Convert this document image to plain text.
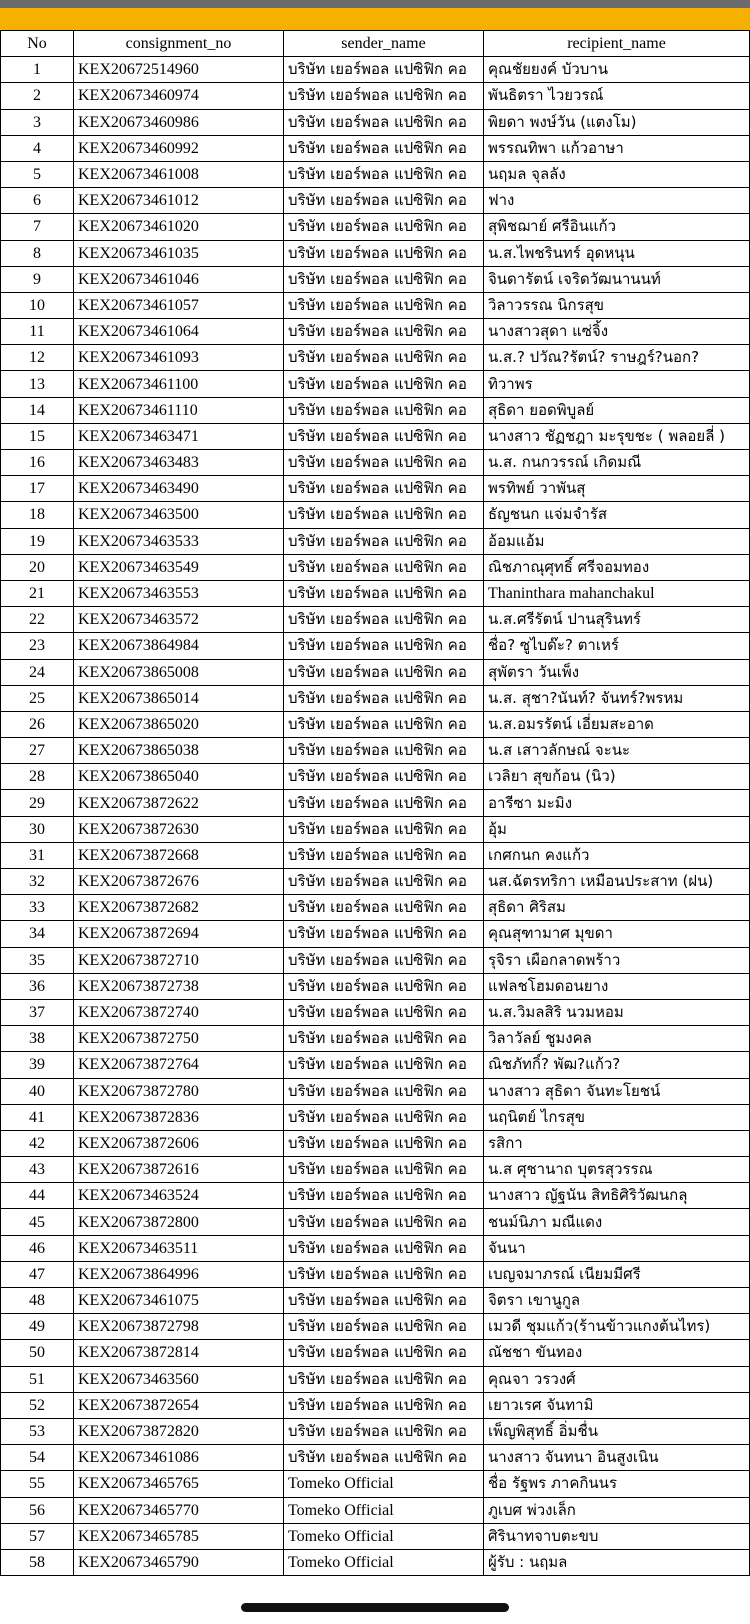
No	consignment_no	sender_name	recipient_name
1	KEX20672514960	บริษัท เยอร์พอล แปซิฟิก คอ	คุณชัยยงค์ บัวบาน
2	KEX20673460974	บริษัท เยอร์พอล แปซิฟิก คอ	พันธิตรา ไวยวรณ์
3	KEX20673460986	บริษัท เยอร์พอล แปซิฟิก คอ	พิยดา พงษ์วัน (แตงโม)
4	KEX20673460992	บริษัท เยอร์พอล แปซิฟิก คอ	พรรณทิพา แก้วอาษา
5	KEX20673461008	บริษัท เยอร์พอล แปซิฟิก คอ	นฤมล จุลลัง
6	KEX20673461012	บริษัท เยอร์พอล แปซิฟิก คอ	ฟาง
7	KEX20673461020	บริษัท เยอร์พอล แปซิฟิก คอ	สุพิชฌาย์ ศรีอินแก้ว
8	KEX20673461035	บริษัท เยอร์พอล แปซิฟิก คอ	น.ส.ไพชรินทร์ อุดหนุน
9	KEX20673461046	บริษัท เยอร์พอล แปซิฟิก คอ	จินดารัตน์ เจริดวัฒนานนท์
10	KEX20673461057	บริษัท เยอร์พอล แปซิฟิก คอ	วิลาวรรณ นิกรสุข
11	KEX20673461064	บริษัท เยอร์พอล แปซิฟิก คอ	นางสาวสุดา แซ่จิ้ง
12	KEX20673461093	บริษัท เยอร์พอล แปซิฟิก คอ	น.ส.? ปวัณ?รัตน์? ราษฎร์?นอก?
13	KEX20673461100	บริษัท เยอร์พอล แปซิฟิก คอ	ทิวาพร
14	KEX20673461110	บริษัท เยอร์พอล แปซิฟิก คอ	สุธิดา ยอดพิบูลย์
15	KEX20673463471	บริษัท เยอร์พอล แปซิฟิก คอ	นางสาว ชัฏชฎา มะรุขชะ ( พลอยลี่ )
16	KEX20673463483	บริษัท เยอร์พอล แปซิฟิก คอ	น.ส. กนกวรรณ์ เกิดมณี
17	KEX20673463490	บริษัท เยอร์พอล แปซิฟิก คอ	พรทิพย์ วาพันสุ
18	KEX20673463500	บริษัท เยอร์พอล แปซิฟิก คอ	ธัญชนก แจ่มจำรัส
19	KEX20673463533	บริษัท เยอร์พอล แปซิฟิก คอ	อ้อมแอ้ม
20	KEX20673463549	บริษัท เยอร์พอล แปซิฟิก คอ	ณิชภาณุศุทธิ์ ศรีจอมทอง
21	KEX20673463553	บริษัท เยอร์พอล แปซิฟิก คอ	Thaninthara mahanchakul
22	KEX20673463572	บริษัท เยอร์พอล แปซิฟิก คอ	น.ส.ศรีรัตน์ ปานสุรินทร์
23	KEX20673864984	บริษัท เยอร์พอล แปซิฟิก คอ	ชื่อ? ซูไบด๊ะ? ตาเหร์
24	KEX20673865008	บริษัท เยอร์พอล แปซิฟิก คอ	สุพัตรา วันเพ็ง
25	KEX20673865014	บริษัท เยอร์พอล แปซิฟิก คอ	น.ส. สุชา?นันท์? จันทร์?พรหม
26	KEX20673865020	บริษัท เยอร์พอล แปซิฟิก คอ	น.ส.อมรรัตน์ เอี่ยมสะอาด
27	KEX20673865038	บริษัท เยอร์พอล แปซิฟิก คอ	น.ส เสาวลักษณ์ จะนะ
28	KEX20673865040	บริษัท เยอร์พอล แปซิฟิก คอ	เวลิยา สุขก้อน (นิว)
29	KEX20673872622	บริษัท เยอร์พอล แปซิฟิก คอ	อารีซา มะมิง
30	KEX20673872630	บริษัท เยอร์พอล แปซิฟิก คอ	อุ้ม
31	KEX20673872668	บริษัท เยอร์พอล แปซิฟิก คอ	เกศกนก คงแก้ว
32	KEX20673872676	บริษัท เยอร์พอล แปซิฟิก คอ	นส.ฉัตรทริกา เหมือนประสาท (ฝน)
33	KEX20673872682	บริษัท เยอร์พอล แปซิฟิก คอ	สุธิดา ศิริสม
34	KEX20673872694	บริษัท เยอร์พอล แปซิฟิก คอ	คุณสุฑามาศ มุขดา
35	KEX20673872710	บริษัท เยอร์พอล แปซิฟิก คอ	รุจิรา เผือกลาดพร้าว
36	KEX20673872738	บริษัท เยอร์พอล แปซิฟิก คอ	แฟลชโฮมดอนยาง
37	KEX20673872740	บริษัท เยอร์พอล แปซิฟิก คอ	น.ส.วิมลสิริ นวมหอม
38	KEX20673872750	บริษัท เยอร์พอล แปซิฟิก คอ	วิลาวัลย์ ชูมงคล
39	KEX20673872764	บริษัท เยอร์พอล แปซิฟิก คอ	ณิชภัทกิ์? พัฒ?แก้ว?
40	KEX20673872780	บริษัท เยอร์พอล แปซิฟิก คอ	นางสาว สุธิดา จันทะโยชน์
41	KEX20673872836	บริษัท เยอร์พอล แปซิฟิก คอ	นฤนิตย์ ไกรสุข
42	KEX20673872606	บริษัท เยอร์พอล แปซิฟิก คอ	รสิกา
43	KEX20673872616	บริษัท เยอร์พอล แปซิฟิก คอ	น.ส ศุชานาถ บุตรสุวรรณ
44	KEX20673463524	บริษัท เยอร์พอล แปซิฟิก คอ	นางสาว ญัฐนัน สิทธิศิริวัฒนกลุ
45	KEX20673872800	บริษัท เยอร์พอล แปซิฟิก คอ	ชนม์นิภา มณีแดง
46	KEX20673463511	บริษัท เยอร์พอล แปซิฟิก คอ	จันนา
47	KEX20673864996	บริษัท เยอร์พอล แปซิฟิก คอ	เบญจมาภรณ์ เนียมมีศรี
48	KEX20673461075	บริษัท เยอร์พอล แปซิฟิก คอ	จิตรา เขานูกูล
49	KEX20673872798	บริษัท เยอร์พอล แปซิฟิก คอ	เมวดี ชุมแก้ว(ร้านข้าวแกงต้นไทร)
50	KEX20673872814	บริษัท เยอร์พอล แปซิฟิก คอ	ณัชชา ขันทอง
51	KEX20673463560	บริษัท เยอร์พอล แปซิฟิก คอ	คุณจา วรวงศ์
52	KEX20673872654	บริษัท เยอร์พอล แปซิฟิก คอ	เยาวเรศ จันทามิ
53	KEX20673872820	บริษัท เยอร์พอล แปซิฟิก คอ	เพ็ญพิสุทธิ์ อิ่มชื่น
54	KEX20673461086	บริษัท เยอร์พอล แปซิฟิก คอ	นางสาว จันทนา อินสูงเนิน
55	KEX20673465765	Tomeko Official	ชื่อ รัฐพร ภาคกินนร
56	KEX20673465770	Tomeko Official	ภูเบศ พ่วงเล็ก
57	KEX20673465785	Tomeko Official	ศิรินาทจาบตะขบ
58	KEX20673465790	Tomeko Official	ผู้รับ : นฤมล
